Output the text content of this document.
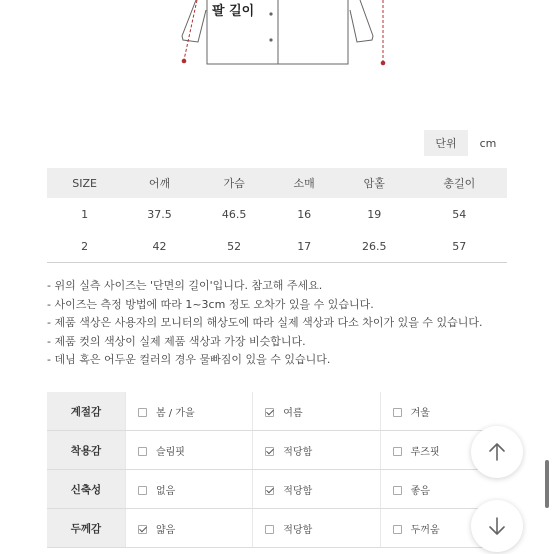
팔 길이
단위	cm
SIZE	어깨	가슴	소매	암홀	총길이
1	37.5	46.5	16	19	54
2	42	52	17	26.5	57
- 위의 실측 사이즈는 '단면의 길이'입니다. 참고해 주세요.
- 사이즈는 측정 방법에 따라 1~3cm 정도 오차가 있을 수 있습니다.
- 제품 색상은 사용자의 모니터의 해상도에 따라 실제 색상과 다소 차이가 있을 수 있습니다.
- 제품 컷의 색상이 실제 제품 색상과 가장 비슷합니다.
- 데님 혹은 어두운 컬러의 경우 물빠짐이 있을 수 있습니다.
계절감	봄 / 가을	여름	겨울
착용감	슬림핏	적당함	루즈핏
신축성	없음	적당함	좋음
두께감	얇음	적당함	두꺼움
